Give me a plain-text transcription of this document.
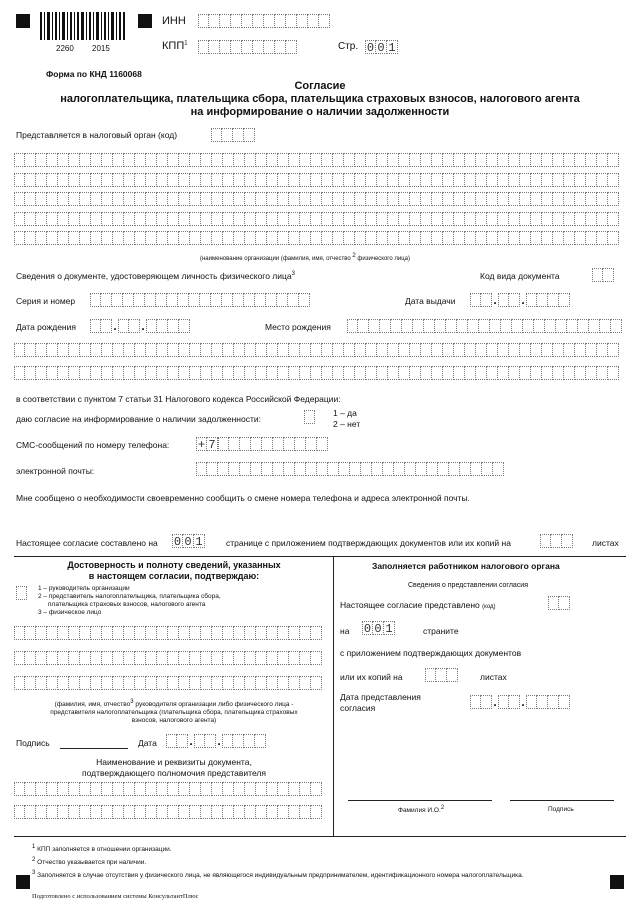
2260 2015
ИНН
КПП$^1$	Стр. 0 0 1
Форма по КНД 1160068
Согласие
налогоплательщика, плательщика сбора, плательщика страховых взносов, налогового агента
на информирование о наличии задолженности
Представляется в налоговый орган (код)
(наименование организации (фамилия, имя, отчество $^2$ физического лица)
Сведения о документе, удостоверяющем личность физического лица$^3$	Код вида документа
Серия и номер	Дата выдачи	. .
Дата рождения	. .	Место рождения
в соответствии с пунктом 7 статьи 31 Налогового кодекса Российской Федерации:
даю согласие на информирование о наличии задолженности:
1 – да
2 – нет
СМС-сообщений по номеру телефона: + 7
электронной почты:
Мне сообщено о необходимости своевременно сообщить о смене номера телефона и адреса электронной почты.
Настоящее согласие составлено на 0 0 1	странице с приложением подтверждающих документов или их копий на	листах
Достоверность и полноту сведений, указанных
в настоящем согласии, подтверждаю:
1 – руководитель организации
2 – представитель налогоплательщика, плательщика сбора,
плательщика страховых взносов, налогового агента
3 – физическое лицо
(фамилия, имя, отчество$^3$ руководителя организации либо физического лица -
представителя налогоплательщика (плательщика сбора, плательщика страховых
взносов, налогового агента)
Подпись	Дата	. .
Наименование и реквизиты документа,
подтверждающего полномочия представителя
Заполняется работником налогового органа
Сведения о представлении согласия
Настоящее согласие представлено (код)
на 0 0 1	страните
с приложением подтверждающих документов
или их копий на	листах
Дата представления
согласия	. .
Фамилия И.О.$^2$	Подпись
$^1$ КПП заполняется в отношении организации.
$^2$ Отчество указывается при наличии.
$^3$ Заполняется в случае отсутствия у физического лица, не являющегося индивидуальным предпринимателем, идентификационного номера налогоплательщика.
Подготовлено с использованием системы КонсультантПлюс
